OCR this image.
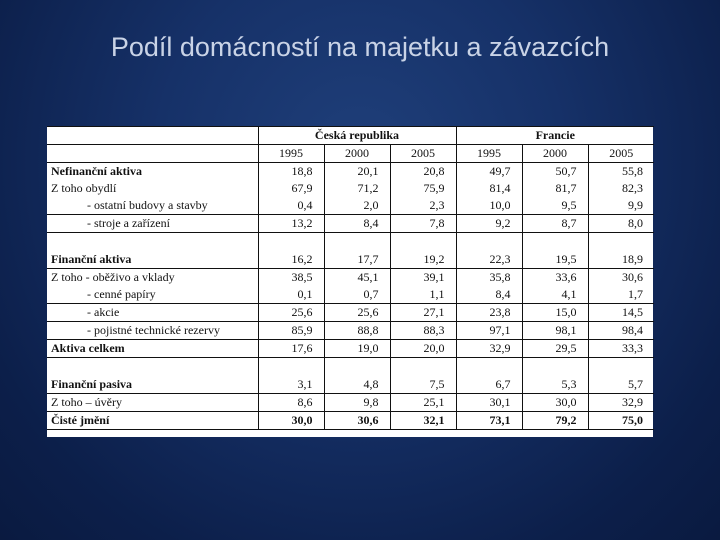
Podíl domácností na majetku a závazcích
	Česká republika			Francie		
	1995	2000	2005	1995	2000	2005
Nefinanční aktiva	18,8	20,1	20,8	49,7	50,7	55,8
Z toho obydlí	67,9	71,2	75,9	81,4	81,7	82,3
- ostatní budovy a stavby	0,4	2,0	2,3	10,0	9,5	9,9
- stroje a zařízení	13,2	8,4	7,8	9,2	8,7	8,0

Finanční aktiva	16,2	17,7	19,2	22,3	19,5	18,9
Z toho - oběživo a vklady	38,5	45,1	39,1	35,8	33,6	30,6
- cenné papíry	0,1	0,7	1,1	8,4	4,1	1,7
- akcie	25,6	25,6	27,1	23,8	15,0	14,5
- pojistné technické rezervy	85,9	88,8	88,3	97,1	98,1	98,4
Aktiva celkem	17,6	19,0	20,0	32,9	29,5	33,3

Finanční pasiva	3,1	4,8	7,5	6,7	5,3	5,7
Z toho – úvěry	8,6	9,8	25,1	30,1	30,0	32,9
Čisté jmění	30,0	30,6	32,1	73,1	79,2	75,0
